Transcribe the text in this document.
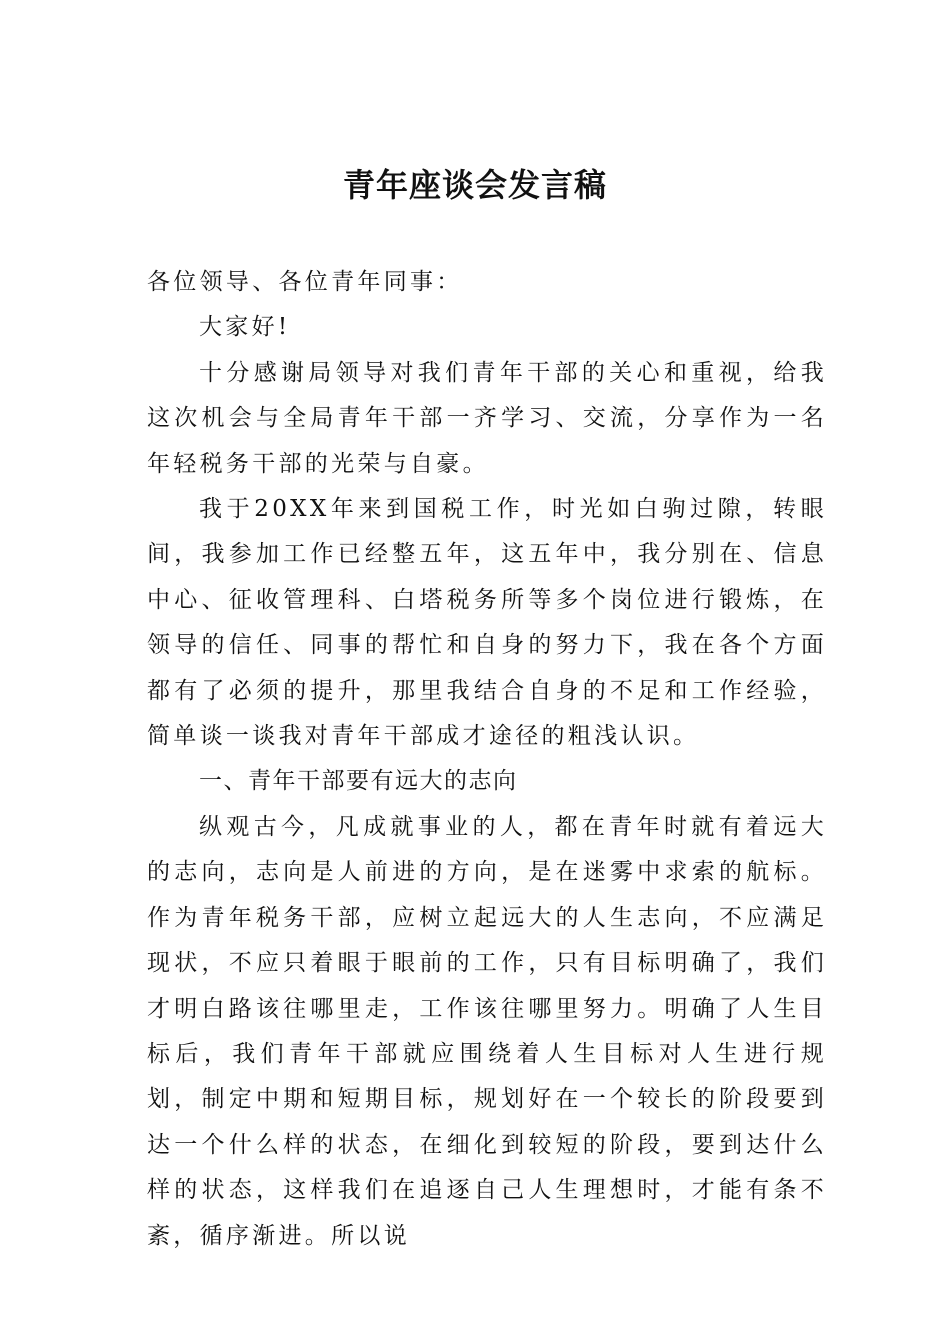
青年座谈会发言稿

各位领导、各位青年同事：

大家好!

十分感谢局领导对我们青年干部的关心和重视，给我这次机会与全局青年干部一齐学习、交流，分享作为一名年轻税务干部的光荣与自豪。

我于20XX年来到国税工作，时光如白驹过隙，转眼间，我参加工作已经整五年，这五年中，我分别在、信息中心、征收管理科、白塔税务所等多个岗位进行锻炼，在领导的信任、同事的帮忙和自身的努力下，我在各个方面都有了必须的提升，那里我结合自身的不足和工作经验，简单谈一谈我对青年干部成才途径的粗浅认识。

一、青年干部要有远大的志向

纵观古今，凡成就事业的人，都在青年时就有着远大的志向，志向是人前进的方向，是在迷雾中求索的航标。作为青年税务干部，应树立起远大的人生志向，不应满足现状，不应只着眼于眼前的工作，只有目标明确了，我们才明白路该往哪里走，工作该往哪里努力。明确了人生目标后，我们青年干部就应围绕着人生目标对人生进行规划，制定中期和短期目标，规划好在一个较长的阶段要到达一个什么样的状态，在细化到较短的阶段，要到达什么样的状态，这样我们在追逐自己人生理想时，才能有条不紊，循序渐进。所以说
